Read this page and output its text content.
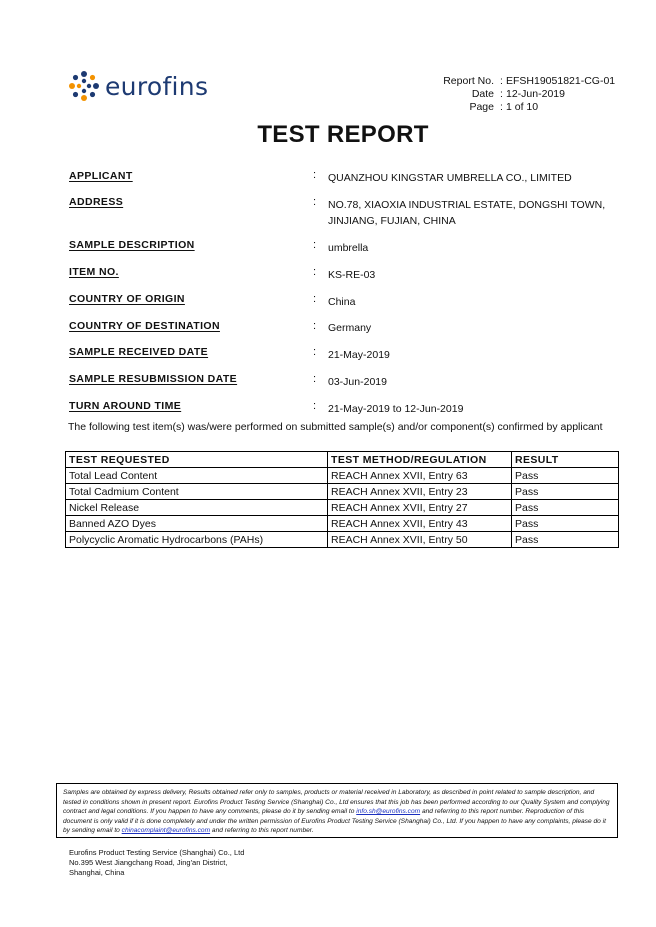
eurofins	Report No. : EFSH19051821-CG-01
Date : 12-Jun-2019
Page : 1 of 10
TEST REPORT
APPLICANT	: QUANZHOU KINGSTAR UMBRELLA CO., LIMITED
ADDRESS	: NO.78, XIAOXIA INDUSTRIAL ESTATE, DONGSHI TOWN,
JINJIANG, FUJIAN, CHINA
SAMPLE DESCRIPTION	: umbrella
ITEM NO.	: KS-RE-03
COUNTRY OF ORIGIN	: China
COUNTRY OF DESTINATION	: Germany
SAMPLE RECEIVED DATE	: 21-May-2019
SAMPLE RESUBMISSION DATE	: 03-Jun-2019
TURN AROUND TIME	: 21-May-2019 to 12-Jun-2019
The following test item(s) was/were performed on submitted sample(s) and/or component(s) confirmed by applicant
TEST REQUESTED	TEST METHOD/REGULATION	RESULT
Total Lead Content	REACH Annex XVII, Entry 63	Pass
Total Cadmium Content	REACH Annex XVII, Entry 23	Pass
Nickel Release	REACH Annex XVII, Entry 27	Pass
Banned AZO Dyes	REACH Annex XVII, Entry 43	Pass
Polycyclic Aromatic Hydrocarbons (PAHs)	REACH Annex XVII, Entry 50	Pass
Samples are obtained by express delivery, Results obtained refer only to samples, products or material received in Laboratory, as described in point related to sample description, and tested in conditions shown in present report. Eurofins Product Testing Service (Shanghai) Co., Ltd ensures that this job has been performed according to our Quality System and complying contract and legal conditions. If you happen to have any comments, please do it by sending email to info.sh@eurofins.com and referring to this report number. Reproduction of this document is only valid if it is done completely and under the written permission of Eurofins Product Testing Service (Shanghai) Co., Ltd. If you happen to have any complaints, please do it by sending email to chinacomplaint@eurofins.com and referring to this report number.
Eurofins Product Testing Service (Shanghai) Co., Ltd
No.395 West Jiangchang Road, Jing'an District,
Shanghai, China
